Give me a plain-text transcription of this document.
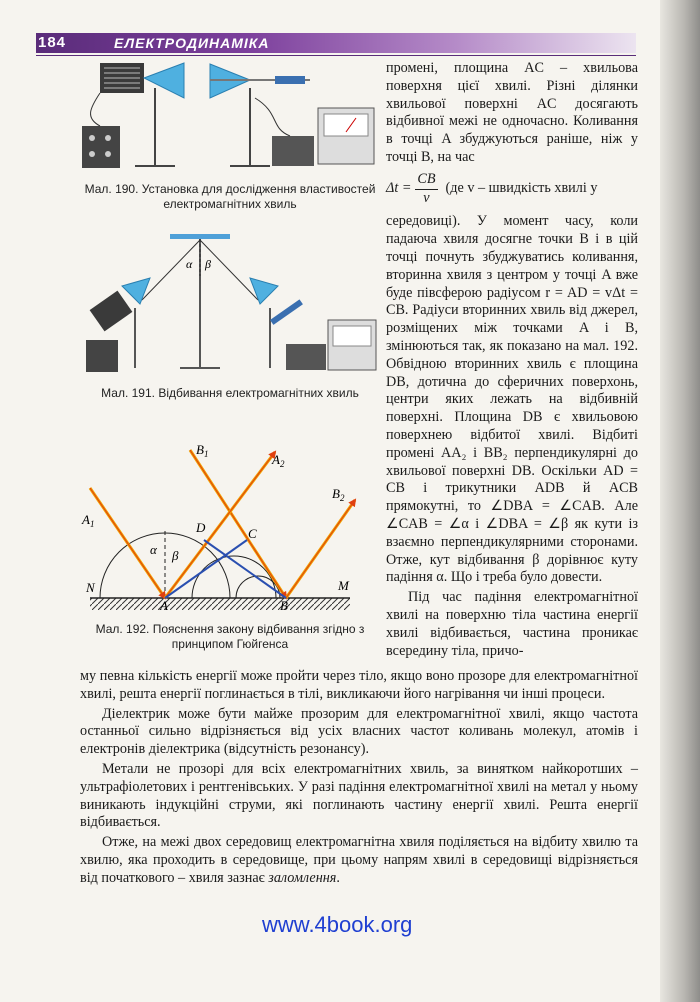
184	ЕЛЕКТРОДИНАМІКА
Мал. 190. Установка для дослідження властивостей електромагнітних хвиль
α β
Мал. 191. Відбивання електромагнітних хвиль
$A_1$
$B_1$	$A_2$
$B_2$
D	C
N	M
A	B
α β
Мал. 192. Пояснення закону відбивання згідно з принципом Гюйгенса

промені, площина AC – хвильова поверхня цієї хвилі. Різні ділянки хвильової поверхні AC досягають відбивної межі не одночасно. Коливання в точці A збуджуються раніше, ніж у точці B, на час

$\Delta t = \frac{CB}{v} (де$ v – швидкість хвилі у

середовиці). У момент часу, коли падаюча хвиля досягне точки B і в цій точці почнуть збуджуватись коливання, вторинна хвиля з центром у точці A вже буде півсферою радіусом r = AD = vΔt = CB. Радіуси вторинних хвиль від джерел, розміщених між точками A і B, змінюються так, як показано на мал. 192. Обвідною вторинних хвиль є площина DB, дотична до сферичних поверхонь, центри яких лежать на відбивній поверхні. Площина DB є хвильовою поверхнею відбитої хвилі. Відбиті промені AA₂ і BB₂ перпендикулярні до хвильової поверхні DB. Оскільки AD = CB і трикутники ADB й ACB прямокутні, то ∠DBA = ∠CAB. Але ∠CAB = ∠α і ∠DBA = ∠β як кути із взаємно перпендикулярними сторонами. Отже, кут відбивання β дорівнює куту падіння α. Що і треба було довести.

Під час падіння електромагнітної хвилі на поверхню тіла частина енергії хвилі відбивається, частина проникає всередину тіла, причо-

му певна кількість енергії може пройти через тіло, якщо воно прозоре для електромагнітної хвилі, решта енергії поглинається в тілі, викликаючи його нагрівання чи інші процеси.

Діелектрик може бути майже прозорим для електромагнітної хвилі, якщо частота останньої сильно відрізняється від усіх власних частот коливань молекул, атомів і електронів діелектрика (відсутність резонансу).

Метали не прозорі для всіх електромагнітних хвиль, за винятком найкоротших – ультрафіолетових і рентгенівських. У разі падіння електромагнітної хвилі на метал у ньому виникають індукційні струми, які поглинають частину енергії хвилі. Решта енергії відбивається.

Отже, на межі двох середовищ електромагнітна хвиля поділяється на відбиту хвилю та хвилю, яка проходить в середовище, при цьому напрям хвилі в середовищі відрізняється від початкового – хвиля зазнає заломлення.

www.4book.org
